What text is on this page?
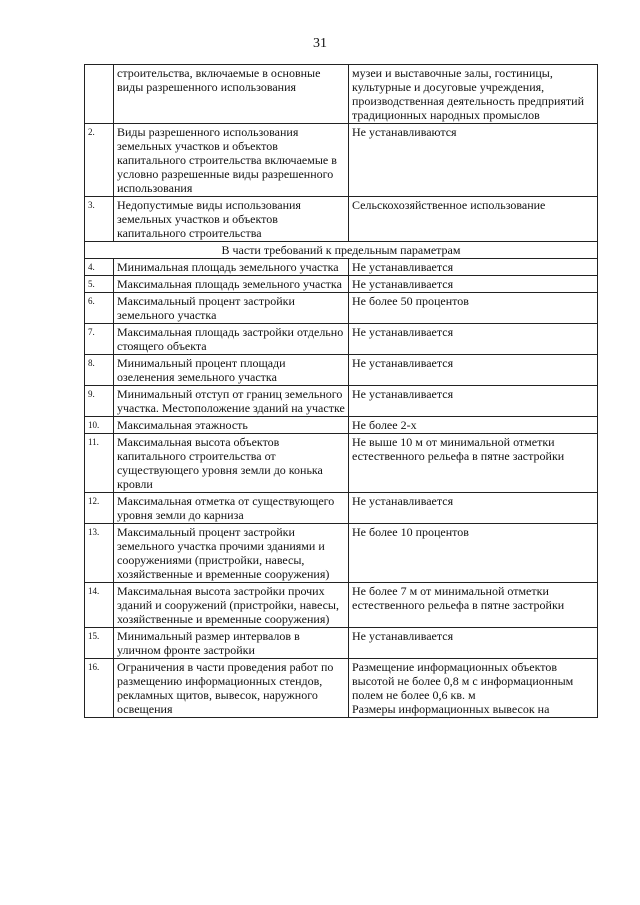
31
	строительства, включаемые в основные виды разрешенного использования	музеи и выставочные залы, гостиницы, культурные и досуговые учреждения, производственная деятельность предприятий традиционных народных промыслов
2.	Виды разрешенного использования земельных участков и объектов капитального строительства включаемые в условно разрешенные виды разрешенного использования	Не устанавливаются
3.	Недопустимые виды использования земельных участков и объектов капитального строительства	Сельскохозяйственное использование
В части требований к предельным параметрам		
4.	Минимальная площадь земельного участка	Не устанавливается
5.	Максимальная площадь земельного участка	Не устанавливается
6.	Максимальный процент застройки земельного участка	Не более 50 процентов
7.	Максимальная площадь застройки отдельно стоящего объекта	Не устанавливается
8.	Минимальный процент площади озеленения земельного участка	Не устанавливается
9.	Минимальный отступ от границ земельного участка. Местоположение зданий на участке	Не устанавливается
10.	Максимальная этажность	Не более 2-х
11.	Максимальная высота объектов капитального строительства от существующего уровня земли до конька кровли	Не выше 10 м от минимальной отметки естественного рельефа в пятне застройки
12.	Максимальная отметка от существующего уровня земли до карниза	Не устанавливается
13.	Максимальный процент застройки земельного участка прочими зданиями и сооружениями (пристройки, навесы, хозяйственные и временные сооружения)	Не более 10 процентов
14.	Максимальная высота застройки прочих зданий и сооружений (пристройки, навесы, хозяйственные и временные сооружения)	Не более 7 м от минимальной отметки естественного рельефа в пятне застройки
15.	Минимальный размер интервалов в уличном фронте застройки	Не устанавливается
16.	Ограничения в части проведения работ по размещению информационных стендов, рекламных щитов, вывесок, наружного освещения	Размещение информационных объектов высотой не более 0,8 м с информационным полем не более 0,6 кв. м
Размеры информационных вывесок на
